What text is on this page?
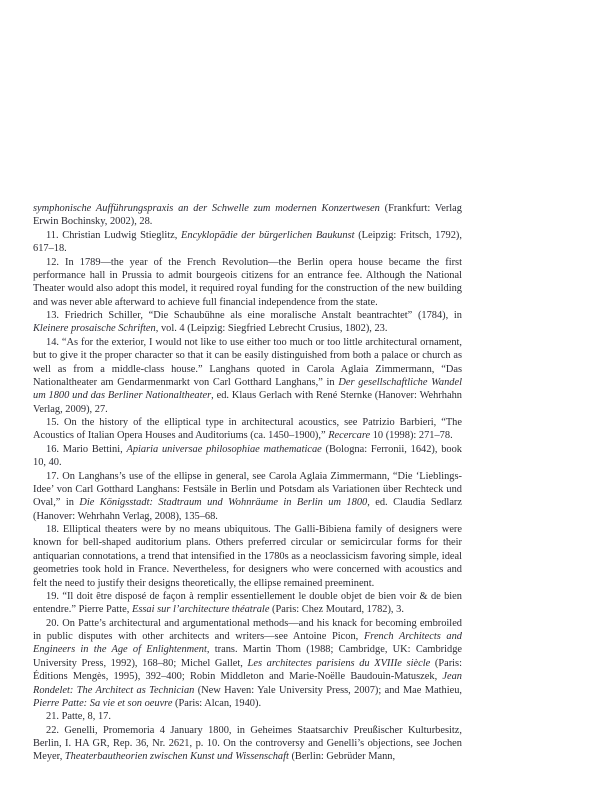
symphonische Aufführungspraxis an der Schwelle zum modernen Konzertwesen (Frankfurt: Verlag Erwin Bochinsky, 2002), 28.

11. Christian Ludwig Stieglitz, Encyklopädie der bürgerlichen Baukunst (Leipzig: Fritsch, 1792), 617–18.

12. In 1789—the year of the French Revolution—the Berlin opera house became the first performance hall in Prussia to admit bourgeois citizens for an entrance fee. Although the National Theater would also adopt this model, it required royal funding for the construction of the new building and was never able afterward to achieve full financial independence from the state.

13. Friedrich Schiller, “Die Schaubühne als eine moralische Anstalt beantrachtet” (1784), in Kleinere prosaische Schriften, vol. 4 (Leipzig: Siegfried Lebrecht Crusius, 1802), 23.

14. “As for the exterior, I would not like to use either too much or too little architectural ornament, but to give it the proper character so that it can be easily distinguished from both a palace or church as well as from a middle-class house.” Langhans quoted in Carola Aglaia Zimmermann, “Das Nationaltheater am Gendarmenmarkt von Carl Gotthard Langhans,” in Der gesellschaftliche Wandel um 1800 und das Berliner Nationaltheater, ed. Klaus Gerlach with René Sternke (Hanover: Wehrhahn Verlag, 2009), 27.

15. On the history of the elliptical type in architectural acoustics, see Patrizio Barbieri, “The Acoustics of Italian Opera Houses and Auditoriums (ca. 1450–1900),” Recercare 10 (1998): 271–78.

16. Mario Bettini, Apiaria universae philosophiae mathematicae (Bologna: Ferronii, 1642), book 10, 40.

17. On Langhans’s use of the ellipse in general, see Carola Aglaia Zimmermann, “Die ‘Lieblings-Idee’ von Carl Gotthard Langhans: Festsäle in Berlin und Potsdam als Variationen über Rechteck und Oval,” in Die Königsstadt: Stadtraum und Wohnräume in Berlin um 1800, ed. Claudia Sedlarz (Hanover: Wehrhahn Verlag, 2008), 135–68.

18. Elliptical theaters were by no means ubiquitous. The Galli-Bibiena family of designers were known for bell-shaped auditorium plans. Others preferred circular or semicircular forms for their antiquarian connotations, a trend that intensified in the 1780s as a neoclassicism favoring simple, ideal geometries took hold in France. Nevertheless, for designers who were concerned with acoustics and felt the need to justify their designs theoretically, the ellipse remained preeminent.

19. “Il doit être disposé de façon à remplir essentiellement le double objet de bien voir & de bien entendre.” Pierre Patte, Essai sur l’architecture théatrale (Paris: Chez Moutard, 1782), 3.

20. On Patte’s architectural and argumentational methods—and his knack for becoming embroiled in public disputes with other architects and writers—see Antoine Picon, French Architects and Engineers in the Age of Enlightenment, trans. Martin Thom (1988; Cambridge, UK: Cambridge University Press, 1992), 168–80; Michel Gallet, Les architectes parisiens du XVIIIe siècle (Paris: Éditions Mengès, 1995), 392–400; Robin Middleton and Marie-Noëlle Baudouin-Matuszek, Jean Rondelet: The Architect as Technician (New Haven: Yale University Press, 2007); and Mae Mathieu, Pierre Patte: Sa vie et son oeuvre (Paris: Alcan, 1940).

21. Patte, 8, 17.

22. Genelli, Promemoria 4 January 1800, in Geheimes Staatsarchiv Preußischer Kulturbesitz, Berlin, I. HA GR, Rep. 36, Nr. 2621, p. 10. On the controversy and Genelli’s objections, see Jochen Meyer, Theaterbautheorien zwischen Kunst und Wissenschaft (Berlin: Gebrüder Mann,
